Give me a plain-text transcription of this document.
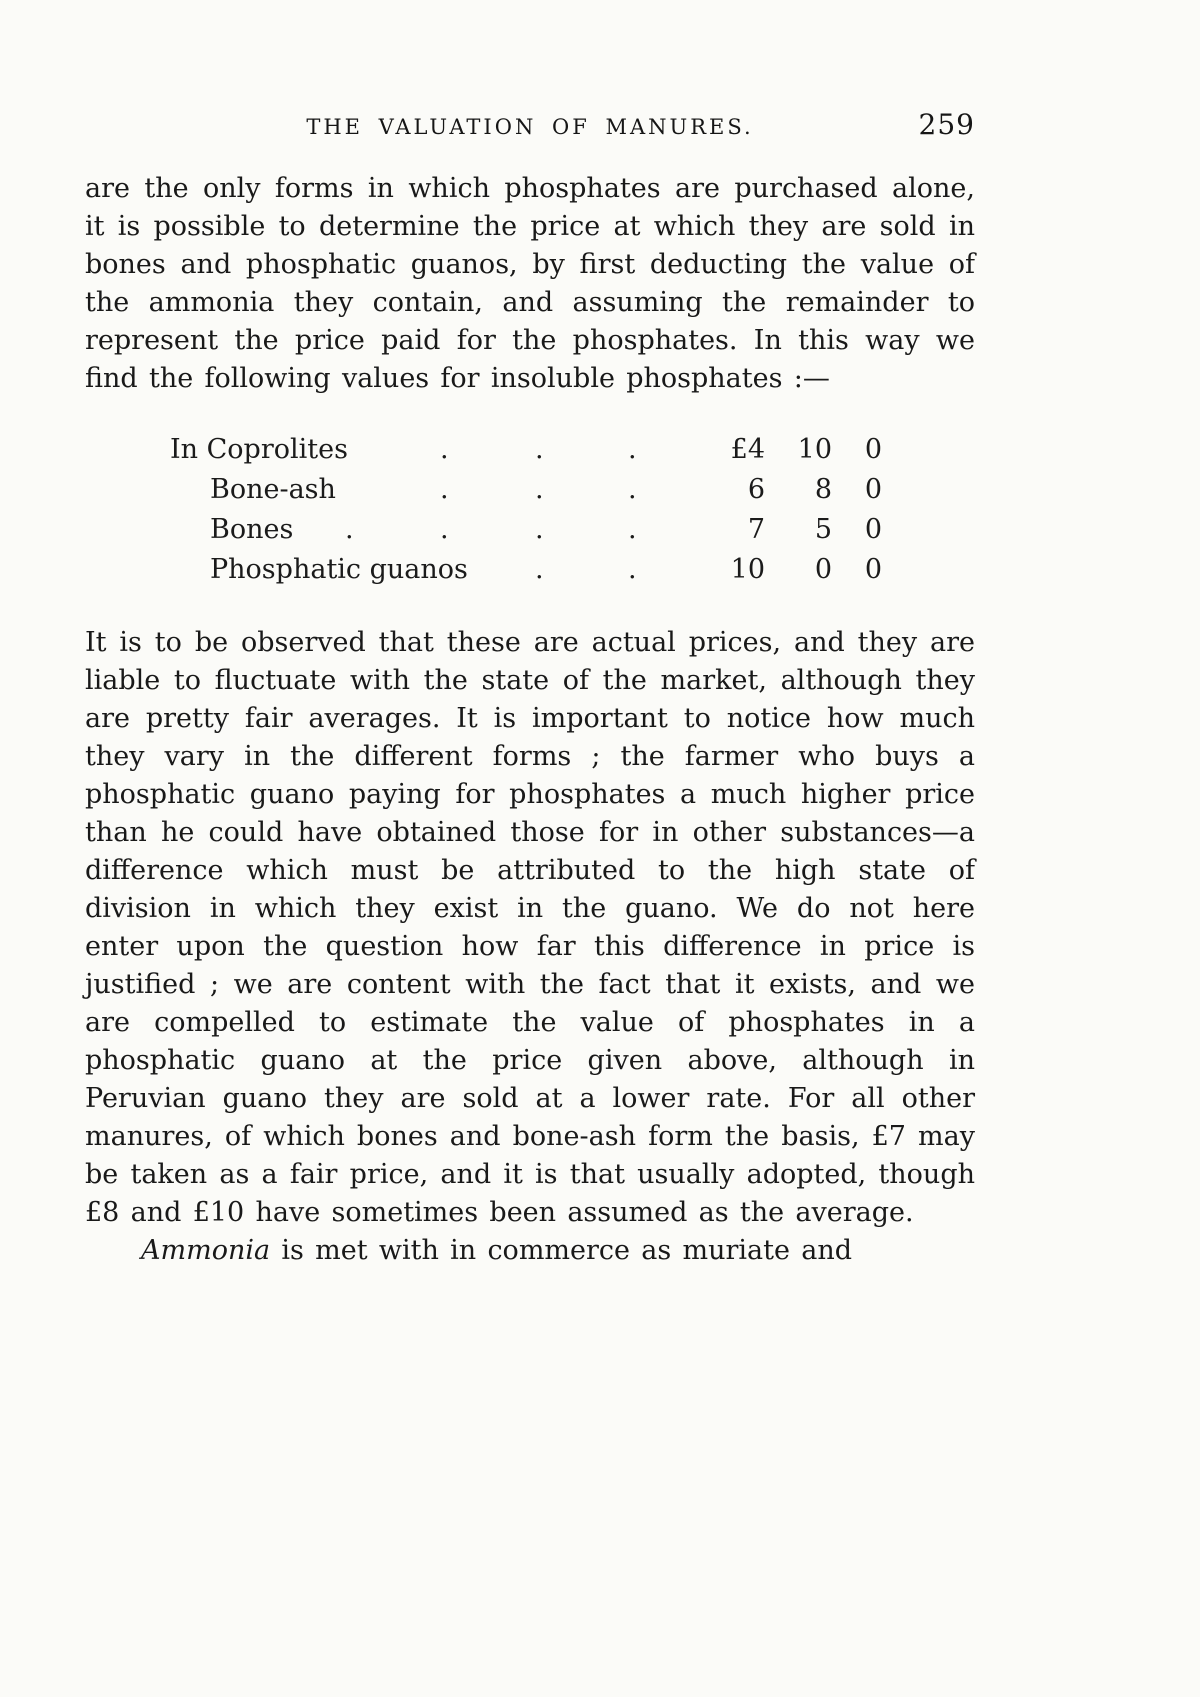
THE VALUATION OF MANURES.	259

are the only forms in which phosphates are purchased alone, it is possible to determine the price at which they are sold in bones and phosphatic guanos, by first deducting the value of the ammonia they contain, and assuming the remainder to represent the price paid for the phosphates. In this way we find the following values for insoluble phosphates :—

In Coprolites	.	.	.	£4	10	0
Bone-ash	.	.	.	6	8	0
Bones	.	.	.	.	7	5	0
Phosphatic guanos .	.	10	0	0

It is to be observed that these are actual prices, and they are liable to fluctuate with the state of the market, although they are pretty fair averages. It is important to notice how much they vary in the different forms ; the farmer who buys a phosphatic guano paying for phosphates a much higher price than he could have obtained those for in other substances—a difference which must be attributed to the high state of division in which they exist in the guano. We do not here enter upon the question how far this difference in price is justified ; we are content with the fact that it exists, and we are compelled to estimate the value of phosphates in a phosphatic guano at the price given above, although in Peruvian guano they are sold at a lower rate. For all other manures, of which bones and bone-ash form the basis, £7 may be taken as a fair price, and it is that usually adopted, though £8 and £10 have sometimes been assumed as the average.

Ammonia is met with in commerce as muriate and
